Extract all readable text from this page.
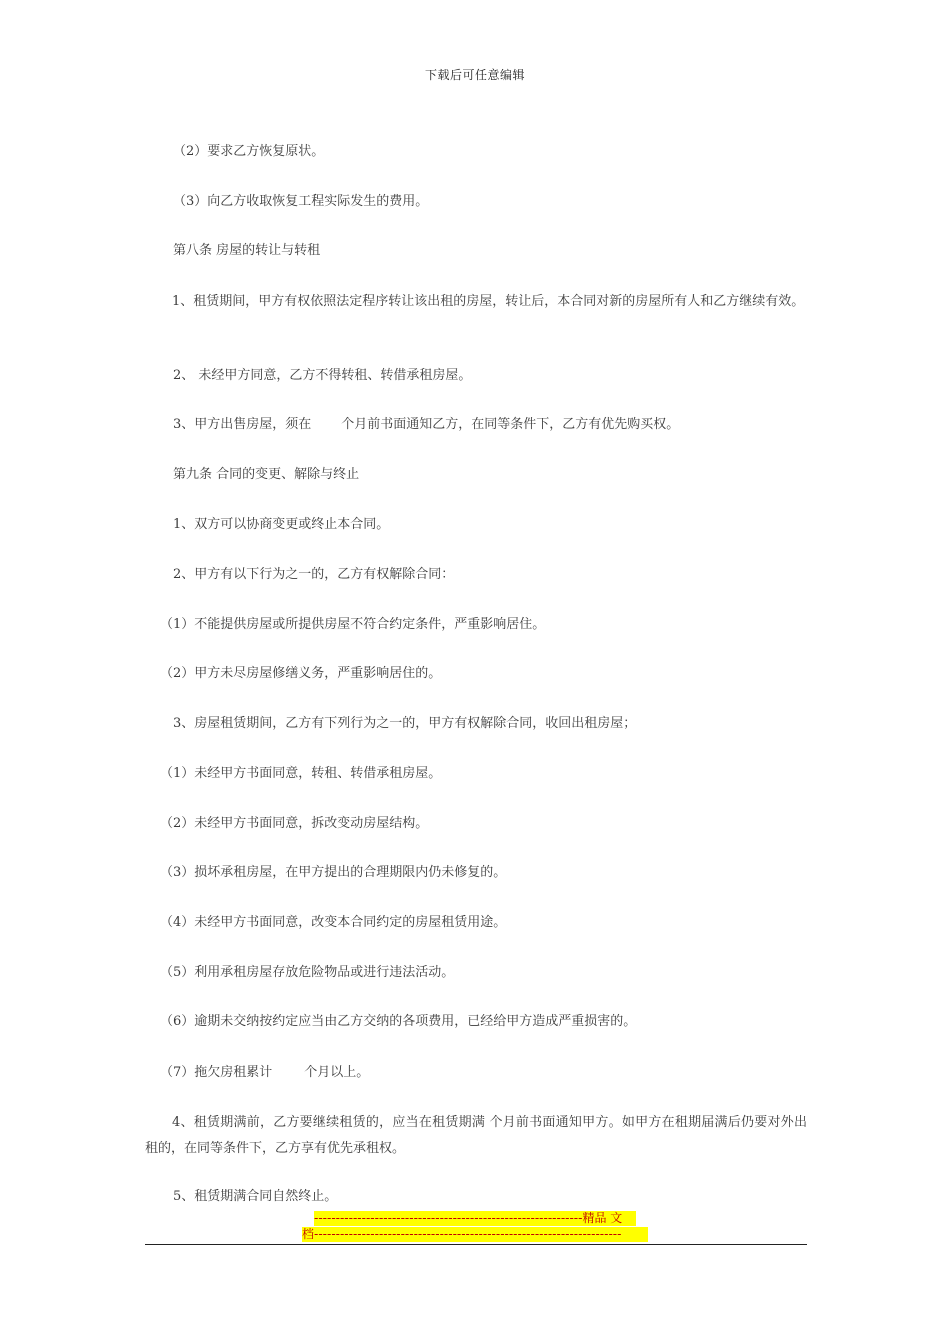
下载后可任意编辑
（2）要求乙方恢复原状。
（3）向乙方收取恢复工程实际发生的费用。
第八条 房屋的转让与转租
1、租赁期间，甲方有权依照法定程序转让该出租的房屋，转让后，本合同对新的房屋所有人和乙方继续有效。
2、 未经甲方同意，乙方不得转租、转借承租房屋。
3、甲方出售房屋，须在 个月前书面通知乙方，在同等条件下，乙方有优先购买权。
第九条 合同的变更、解除与终止
1、双方可以协商变更或终止本合同。
2、甲方有以下行为之一的，乙方有权解除合同：
（1）不能提供房屋或所提供房屋不符合约定条件，严重影响居住。
（2）甲方未尽房屋修缮义务，严重影响居住的。
3、房屋租赁期间，乙方有下列行为之一的，甲方有权解除合同，收回出租房屋；
（1）未经甲方书面同意，转租、转借承租房屋。
（2）未经甲方书面同意，拆改变动房屋结构。
（3）损坏承租房屋，在甲方提出的合理期限内仍未修复的。
（4）未经甲方书面同意，改变本合同约定的房屋租赁用途。
（5）利用承租房屋存放危险物品或进行违法活动。
（6）逾期未交纳按约定应当由乙方交纳的各项费用，已经给甲方造成严重损害的。
（7）拖欠房租累计 个月以上。
4、租赁期满前，乙方要继续租赁的，应当在租赁期满 个月前书面通知甲方。如甲方在租期届满后仍要对外出租的，在同等条件下，乙方享有优先承租权。
5、租赁期满合同自然终止。
--------------------------------------------------------------精品 文
档-----------------------------------------------------------------------
